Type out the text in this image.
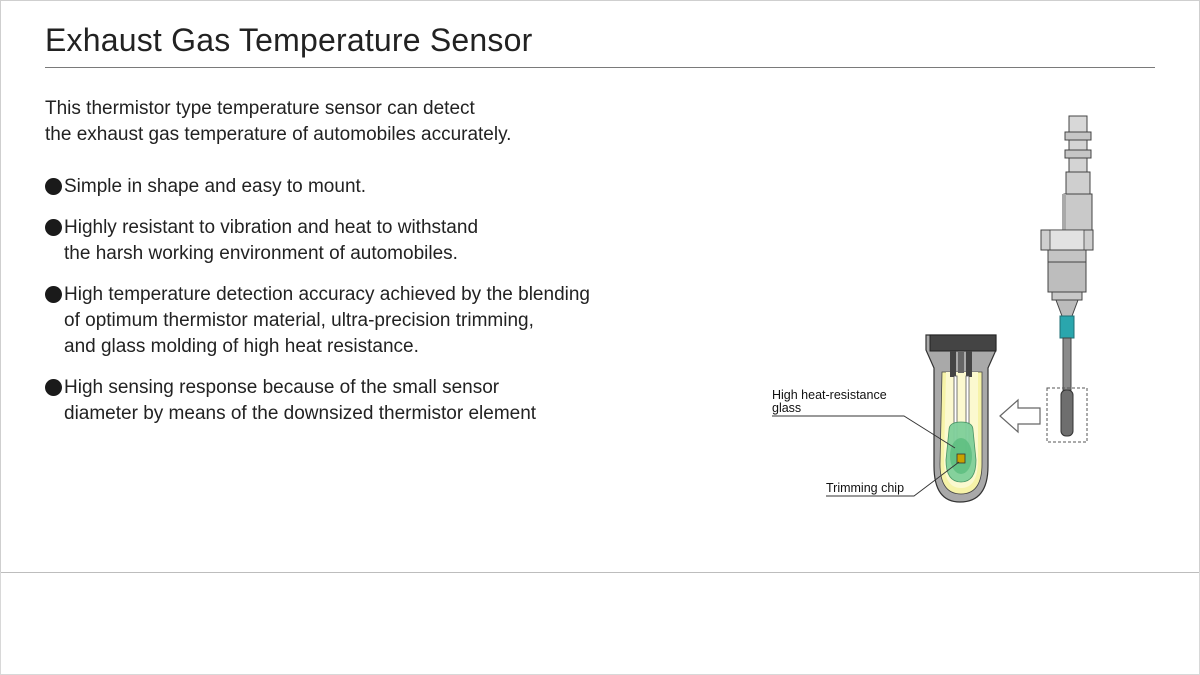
Exhaust Gas Temperature Sensor
This thermistor type temperature sensor can detect
the exhaust gas temperature of automobiles accurately.
Simple in shape and easy to mount.
Highly resistant to vibration and heat to withstand
the harsh working environment of automobiles.
High temperature detection accuracy achieved by the blending
of optimum thermistor material, ultra-precision trimming,
and glass molding of high heat resistance.
High sensing response because of the small sensor
diameter by means of the downsized thermistor element
High heat-resistance
glass
Trimming chip
